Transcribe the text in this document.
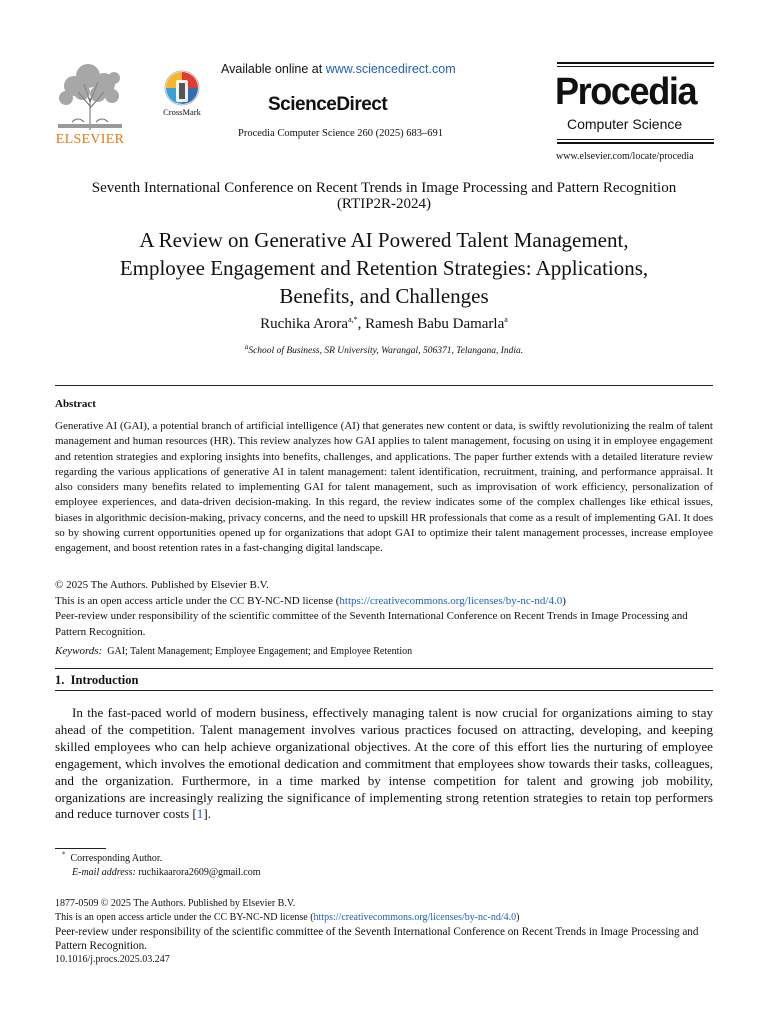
ELSEVIER
CrossMark
Available online at www.sciencedirect.com
ScienceDirect
Procedia Computer Science 260 (2025) 683–691
Procedia
Computer Science
www.elsevier.com/locate/procedia
Seventh International Conference on Recent Trends in Image Processing and Pattern Recognition
(RTIP2R-2024)
A Review on Generative AI Powered Talent Management,
Employee Engagement and Retention Strategies: Applications,
Benefits, and Challenges
Ruchika Arora$^{a,*}$, Ramesh Babu Damarla$^a$
$^a$School of Business, SR University, Warangal, 506371, Telangana, India.
Abstract

Generative AI (GAI), a potential branch of artificial intelligence (AI) that generates new content or data, is swiftly revolutionizing the realm of talent management and human resources (HR). This review analyzes how GAI applies to talent management, focusing on using it in employee engagement and retention strategies and exploring insights into benefits, challenges, and applications. The paper further extends with a detailed literature review regarding the various applications of generative AI in talent management: talent identification, recruitment, training, and performance appraisal. It also considers many benefits related to implementing GAI for talent management, such as improvisation of work efficiency, personalization of employee experiences, and data-driven decision-making. In this regard, the review indicates some of the complex challenges like ethical issues, biases in algorithmic decision-making, privacy concerns, and the need to upskill HR professionals that come as a result of implementing GAI. It does so by showing current opportunities opened up for organizations that adopt GAI to optimize their talent management processes, increase employee engagement, and boost retention rates in a fast-changing digital landscape.

© 2025 The Authors. Published by Elsevier B.V.
This is an open access article under the CC BY-NC-ND license (https://creativecommons.org/licenses/by-nc-nd/4.0)
Peer-review under responsibility of the scientific committee of the Seventh International Conference on Recent Trends in Image Processing and Pattern Recognition.
Keywords: GAI; Talent Management; Employee Engagement; and Employee Retention
1.  Introduction

In the fast-paced world of modern business, effectively managing talent is now crucial for organizations aiming to stay ahead of the competition. Talent management involves various practices focused on attracting, developing, and keeping skilled employees who can help achieve organizational objectives. At the core of this effort lies the nurturing of employee engagement, which involves the emotional dedication and commitment that employees show towards their tasks, colleagues, and the organization. Furthermore, in a time marked by intense competition for talent and growing job mobility, organizations are increasingly realizing the significance of implementing strong retention strategies to retain top performers and reduce turnover costs [1].

* Corresponding Author.
E-mail address: ruchikaarora2609@gmail.com
1877-0509 © 2025 The Authors. Published by Elsevier B.V.
This is an open access article under the CC BY-NC-ND license (https://creativecommons.org/licenses/by-nc-nd/4.0)
Peer-review under responsibility of the scientific committee of the Seventh International Conference on Recent Trends in Image Processing and Pattern Recognition.
10.1016/j.procs.2025.03.247
